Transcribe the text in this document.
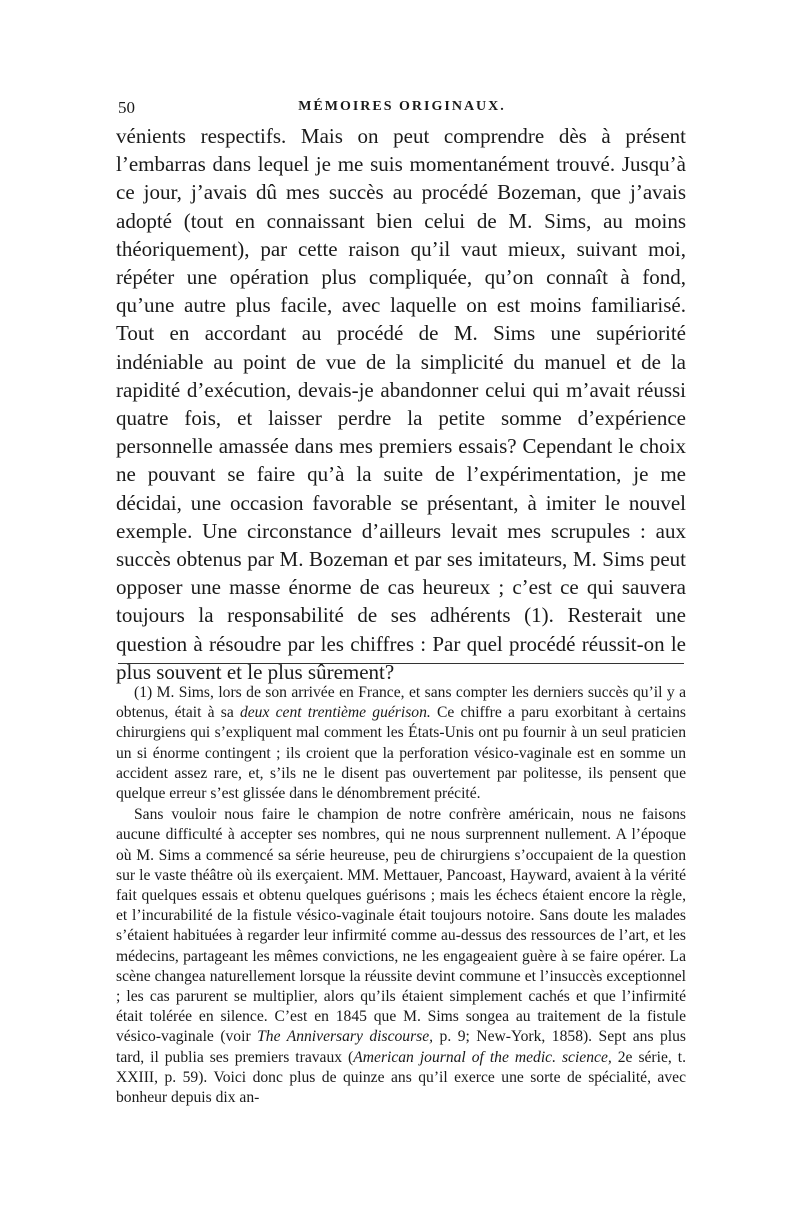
50	MÉMOIRES ORIGINAUX.

vénients respectifs. Mais on peut comprendre dès à présent l’embarras dans lequel je me suis momentanément trouvé. Jusqu’à ce jour, j’avais dû mes succès au procédé Bozeman, que j’avais adopté (tout en connaissant bien celui de M. Sims, au moins théoriquement), par cette raison qu’il vaut mieux, suivant moi, répéter une opération plus compliquée, qu’on connaît à fond, qu’une autre plus facile, avec laquelle on est moins familiarisé. Tout en accordant au procédé de M. Sims une supériorité indéniable au point de vue de la simplicité du manuel et de la rapidité d’exécution, devais-je abandonner celui qui m’avait réussi quatre fois, et laisser perdre la petite somme d’expérience personnelle amassée dans mes premiers essais? Cependant le choix ne pouvant se faire qu’à la suite de l’expérimentation, je me décidai, une occasion favorable se présentant, à imiter le nouvel exemple. Une circonstance d’ailleurs levait mes scrupules : aux succès obtenus par M. Bozeman et par ses imitateurs, M. Sims peut opposer une masse énorme de cas heureux ; c’est ce qui sauvera toujours la responsabilité de ses adhérents (1). Resterait une question à résoudre par les chiffres : Par quel procédé réussit-on le plus souvent et le plus sûrement?

(1) M. Sims, lors de son arrivée en France, et sans compter les derniers succès qu’il y a obtenus, était à sa deux cent trentième guérison. Ce chiffre a paru exorbitant à certains chirurgiens qui s’expliquent mal comment les États-Unis ont pu fournir à un seul praticien un si énorme contingent ; ils croient que la perforation vésico-vaginale est en somme un accident assez rare, et, s’ils ne le disent pas ouvertement par politesse, ils pensent que quelque erreur s’est glissée dans le dénombrement précité.

Sans vouloir nous faire le champion de notre confrère américain, nous ne faisons aucune difficulté à accepter ses nombres, qui ne nous surprennent nullement. A l’époque où M. Sims a commencé sa série heureuse, peu de chirurgiens s’occupaient de la question sur le vaste théâtre où ils exerçaient. MM. Mettauer, Pancoast, Hayward, avaient à la vérité fait quelques essais et obtenu quelques guérisons ; mais les échecs étaient encore la règle, et l’incurabilité de la fistule vésico-vaginale était toujours notoire. Sans doute les malades s’étaient habituées à regarder leur infirmité comme au-dessus des ressources de l’art, et les médecins, partageant les mêmes convictions, ne les engageaient guère à se faire opérer. La scène changea naturellement lorsque la réussite devint commune et l’insuccès exceptionnel ; les cas parurent se multiplier, alors qu’ils étaient simplement cachés et que l’infirmité était tolérée en silence. C’est en 1845 que M. Sims songea au traitement de la fistule vésico-vaginale (voir The Anniversary discourse, p. 9; New-York, 1858). Sept ans plus tard, il publia ses premiers travaux (American journal of the medic. science, 2e série, t. XXIII, p. 59). Voici donc plus de quinze ans qu’il exerce une sorte de spécialité, avec bonheur depuis dix an-
